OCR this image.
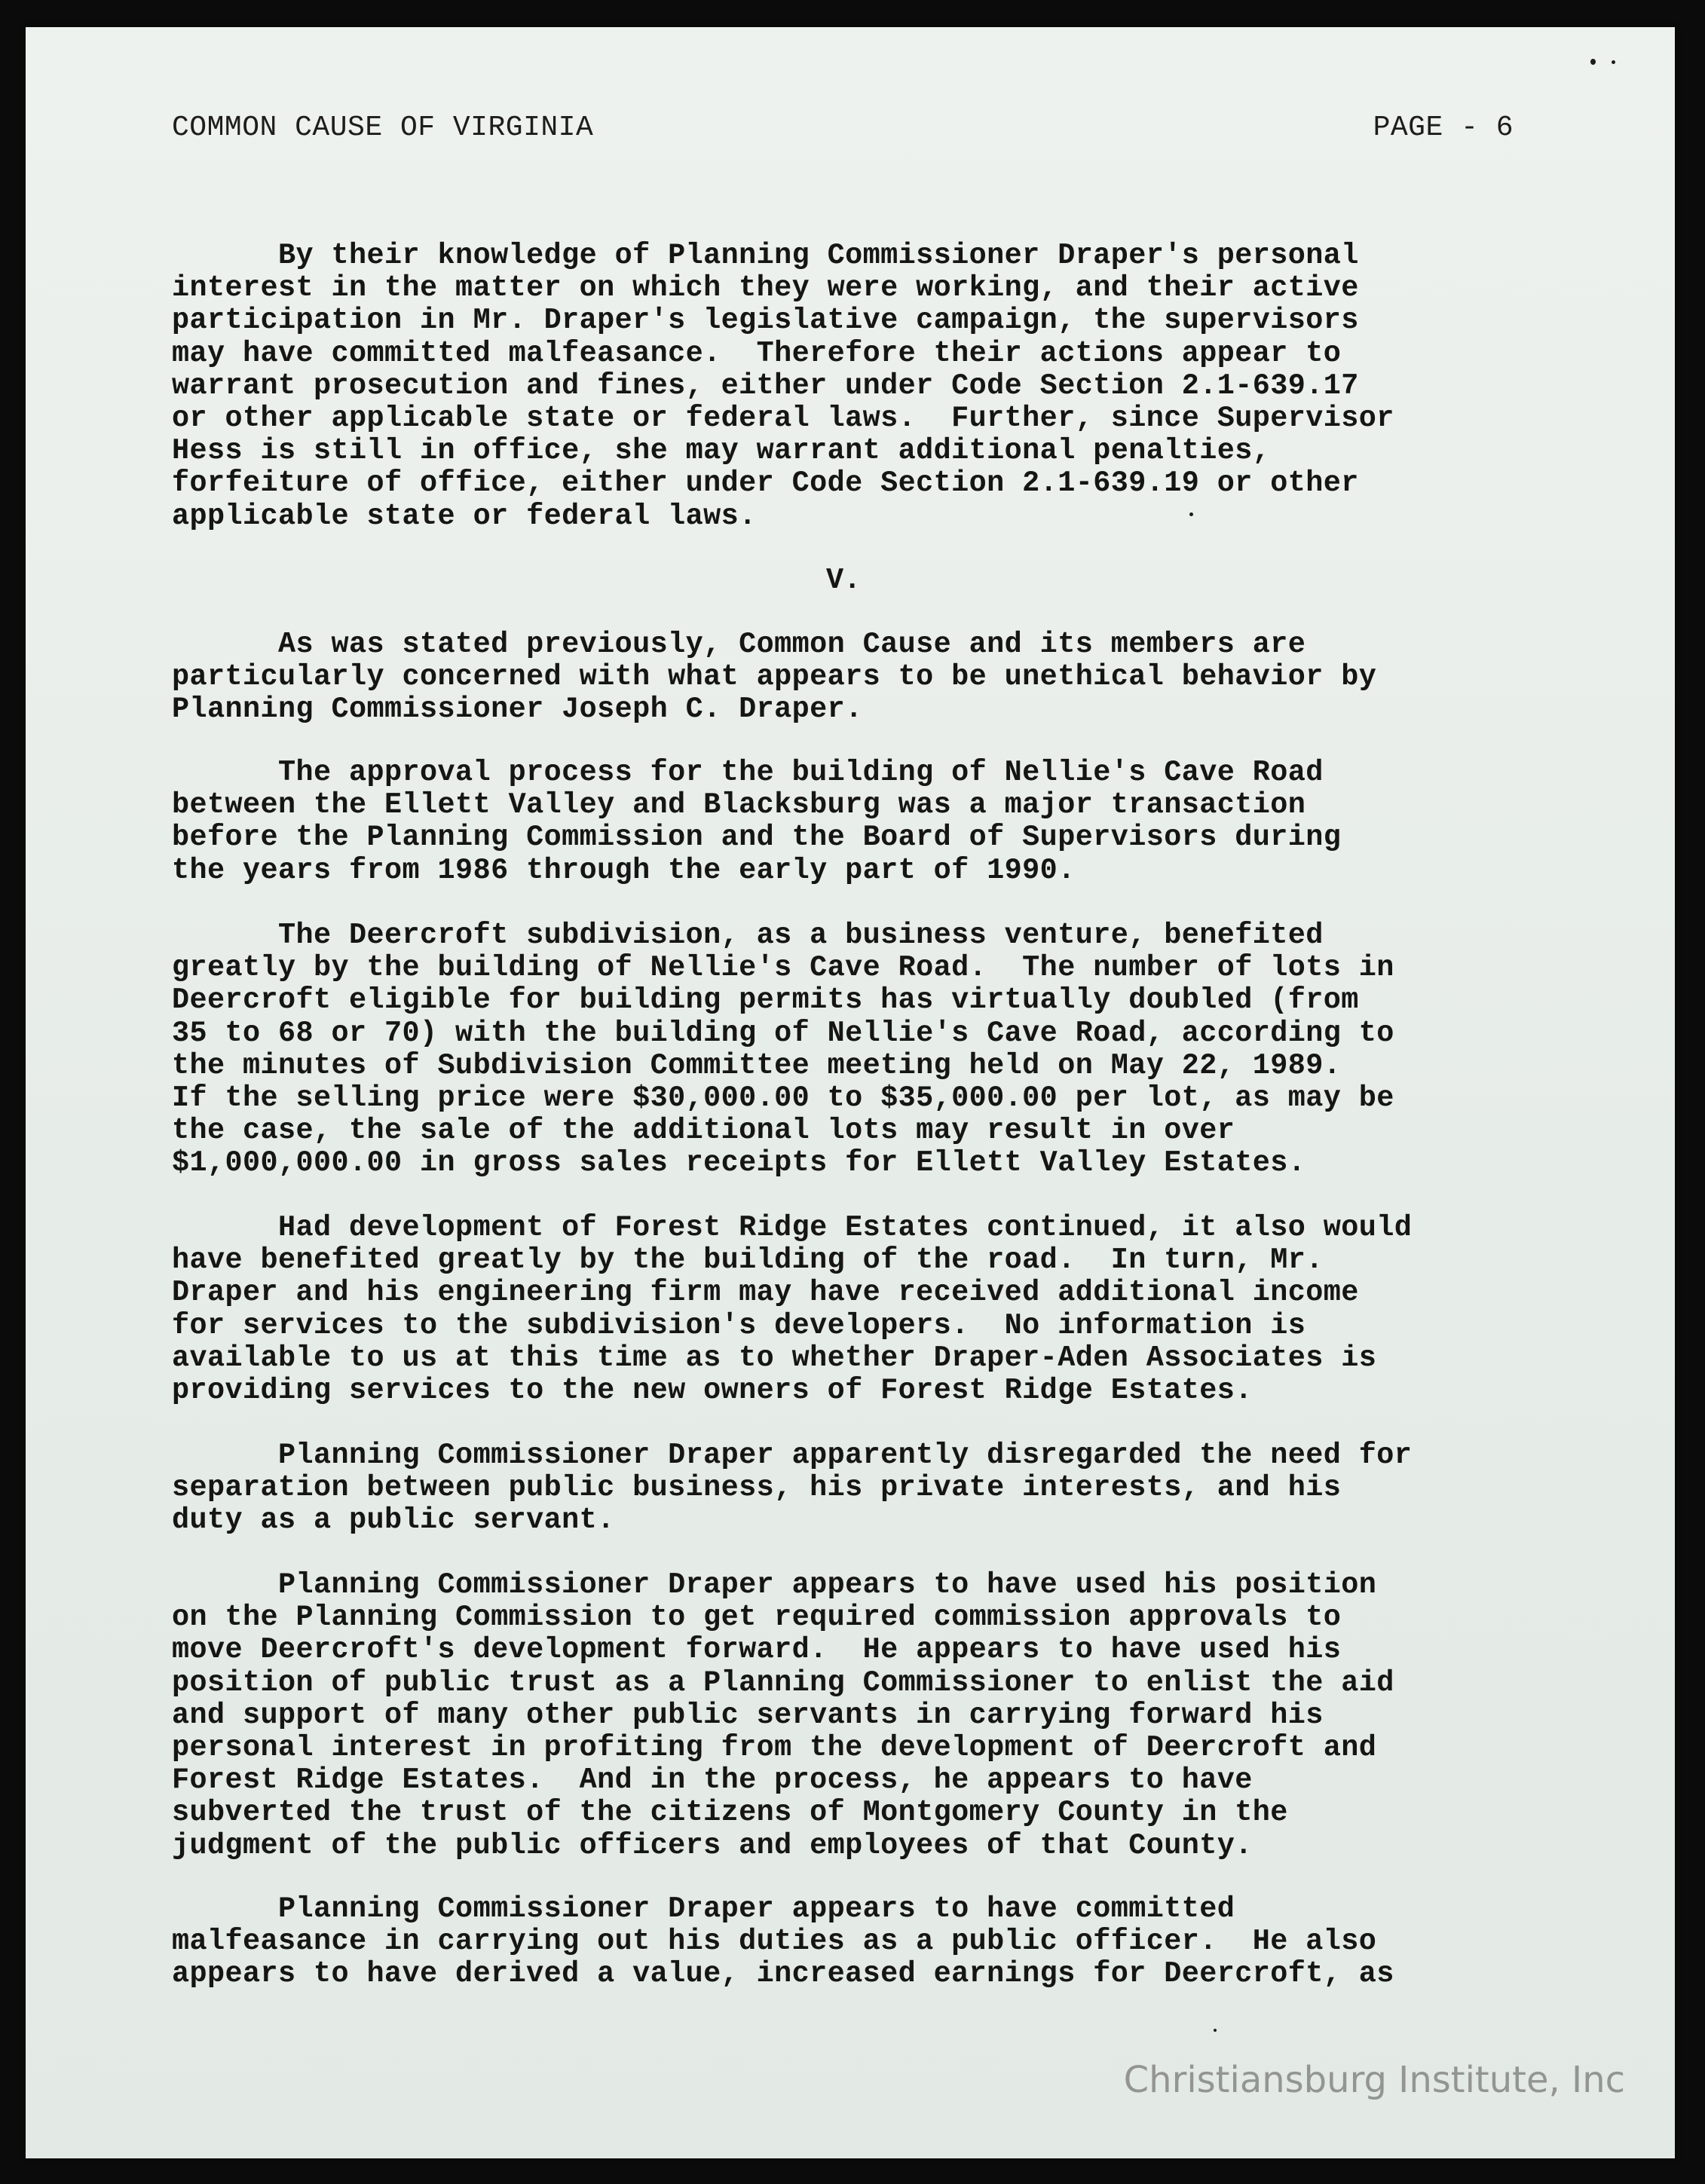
COMMON CAUSE OF VIRGINIA	PAGE - 6

By their knowledge of Planning Commissioner Draper's personal
interest in the matter on which they were working, and their active
participation in Mr. Draper's legislative campaign, the supervisors
may have committed malfeasance.  Therefore their actions appear to
warrant prosecution and fines, either under Code Section 2.1-639.17
or other applicable state or federal laws.  Further, since Supervisor
Hess is still in office, she may warrant additional penalties,
forfeiture of office, either under Code Section 2.1-639.19 or other
applicable state or federal laws.

V.

As was stated previously, Common Cause and its members are
particularly concerned with what appears to be unethical behavior by
Planning Commissioner Joseph C. Draper.

The approval process for the building of Nellie's Cave Road
between the Ellett Valley and Blacksburg was a major transaction
before the Planning Commission and the Board of Supervisors during
the years from 1986 through the early part of 1990.

The Deercroft subdivision, as a business venture, benefited
greatly by the building of Nellie's Cave Road.  The number of lots in
Deercroft eligible for building permits has virtually doubled (from
35 to 68 or 70) with the building of Nellie's Cave Road, according to
the minutes of Subdivision Committee meeting held on May 22, 1989.
If the selling price were $30,000.00 to $35,000.00 per lot, as may be
the case, the sale of the additional lots may result in over
$1,000,000.00 in gross sales receipts for Ellett Valley Estates.

Had development of Forest Ridge Estates continued, it also would
have benefited greatly by the building of the road.  In turn, Mr.
Draper and his engineering firm may have received additional income
for services to the subdivision's developers.  No information is
available to us at this time as to whether Draper-Aden Associates is
providing services to the new owners of Forest Ridge Estates.

Planning Commissioner Draper apparently disregarded the need for
separation between public business, his private interests, and his
duty as a public servant.

Planning Commissioner Draper appears to have used his position
on the Planning Commission to get required commission approvals to
move Deercroft's development forward.  He appears to have used his
position of public trust as a Planning Commissioner to enlist the aid
and support of many other public servants in carrying forward his
personal interest in profiting from the development of Deercroft and
Forest Ridge Estates.  And in the process, he appears to have
subverted the trust of the citizens of Montgomery County in the
judgment of the public officers and employees of that County.

Planning Commissioner Draper appears to have committed
malfeasance in carrying out his duties as a public officer.  He also
appears to have derived a value, increased earnings for Deercroft, as

Christiansburg Institute, Inc
